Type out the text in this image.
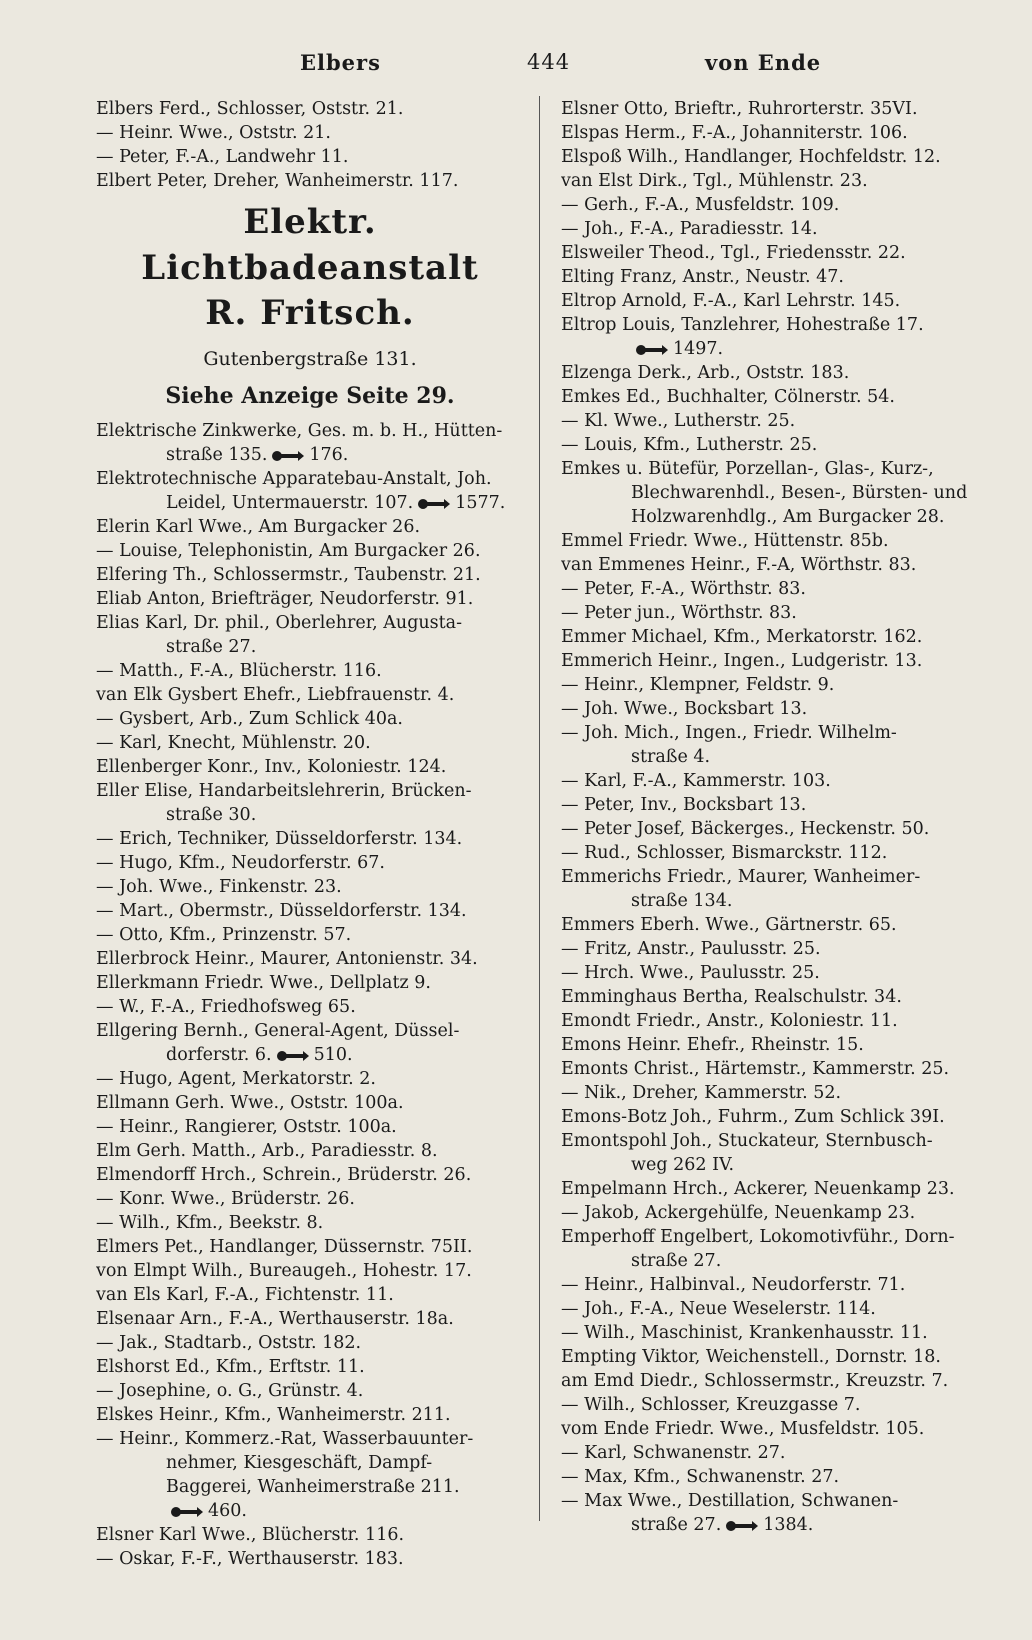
Elbers	444	von Ende
Elbers Ferd., Schlosser, Oststr. 21.
— Heinr. Wwe., Oststr. 21.
— Peter, F.-A., Landwehr 11.
Elbert Peter, Dreher, Wanheimerstr. 117.
Elektr. Lichtbadeanstalt
R. Fritsch.
Gutenbergstraße 131.
Siehe Anzeige Seite 29.
Elektrische Zinkwerke, Ges. m. b. H., Hütten-
straße 135. 176.
Elektrotechnische Apparatebau-Anstalt, Joh.
Leidel, Untermauerstr. 107. 1577.
Elerin Karl Wwe., Am Burgacker 26.
— Louise, Telephonistin, Am Burgacker 26.
Elfering Th., Schlossermstr., Taubenstr. 21.
Eliab Anton, Briefträger, Neudorferstr. 91.
Elias Karl, Dr. phil., Oberlehrer, Augusta-
straße 27.
— Matth., F.-A., Blücherstr. 116.
van Elk Gysbert Ehefr., Liebfrauenstr. 4.
— Gysbert, Arb., Zum Schlick 40a.
— Karl, Knecht, Mühlenstr. 20.
Ellenberger Konr., Inv., Koloniestr. 124.
Eller Elise, Handarbeitslehrerin, Brücken-
straße 30.
— Erich, Techniker, Düsseldorferstr. 134.
— Hugo, Kfm., Neudorferstr. 67.
— Joh. Wwe., Finkenstr. 23.
— Mart., Obermstr., Düsseldorferstr. 134.
— Otto, Kfm., Prinzenstr. 57.
Ellerbrock Heinr., Maurer, Antonienstr. 34.
Ellerkmann Friedr. Wwe., Dellplatz 9.
— W., F.-A., Friedhofsweg 65.
Ellgering Bernh., General-Agent, Düssel-
dorferstr. 6. 510.
— Hugo, Agent, Merkatorstr. 2.
Ellmann Gerh. Wwe., Oststr. 100a.
— Heinr., Rangierer, Oststr. 100a.
Elm Gerh. Matth., Arb., Paradiesstr. 8.
Elmendorff Hrch., Schrein., Brüderstr. 26.
— Konr. Wwe., Brüderstr. 26.
— Wilh., Kfm., Beekstr. 8.
Elmers Pet., Handlanger, Düssernstr. 75II.
von Elmpt Wilh., Bureaugeh., Hohestr. 17.
van Els Karl, F.-A., Fichtenstr. 11.
Elsenaar Arn., F.-A., Werthauserstr. 18a.
— Jak., Stadtarb., Oststr. 182.
Elshorst Ed., Kfm., Erftstr. 11.
— Josephine, o. G., Grünstr. 4.
Elskes Heinr., Kfm., Wanheimerstr. 211.
— Heinr., Kommerz.-Rat, Wasserbauunter-
nehmer, Kiesgeschäft, Dampf-
Baggerei, Wanheimerstraße 211.
460.
Elsner Karl Wwe., Blücherstr. 116.
— Oskar, F.-F., Werthauserstr. 183.
Elsner Otto, Brieftr., Ruhrorterstr. 35VI.
Elspas Herm., F.-A., Johanniterstr. 106.
Elspoß Wilh., Handlanger, Hochfeldstr. 12.
van Elst Dirk., Tgl., Mühlenstr. 23.
— Gerh., F.-A., Musfeldstr. 109.
— Joh., F.-A., Paradiesstr. 14.
Elsweiler Theod., Tgl., Friedensstr. 22.
Elting Franz, Anstr., Neustr. 47.
Eltrop Arnold, F.-A., Karl Lehrstr. 145.
Eltrop Louis, Tanzlehrer, Hohestraße 17.
1497.
Elzenga Derk., Arb., Oststr. 183.
Emkes Ed., Buchhalter, Cölnerstr. 54.
— Kl. Wwe., Lutherstr. 25.
— Louis, Kfm., Lutherstr. 25.
Emkes u. Bütefür, Porzellan-, Glas-, Kurz-,
Blechwarenhdl., Besen-, Bürsten- und
Holzwarenhdlg., Am Burgacker 28.
Emmel Friedr. Wwe., Hüttenstr. 85b.
van Emmenes Heinr., F.-A, Wörthstr. 83.
— Peter, F.-A., Wörthstr. 83.
— Peter jun., Wörthstr. 83.
Emmer Michael, Kfm., Merkatorstr. 162.
Emmerich Heinr., Ingen., Ludgeristr. 13.
— Heinr., Klempner, Feldstr. 9.
— Joh. Wwe., Bocksbart 13.
— Joh. Mich., Ingen., Friedr. Wilhelm-
straße 4.
— Karl, F.-A., Kammerstr. 103.
— Peter, Inv., Bocksbart 13.
— Peter Josef, Bäckerges., Heckenstr. 50.
— Rud., Schlosser, Bismarckstr. 112.
Emmerichs Friedr., Maurer, Wanheimer-
straße 134.
Emmers Eberh. Wwe., Gärtnerstr. 65.
— Fritz, Anstr., Paulusstr. 25.
— Hrch. Wwe., Paulusstr. 25.
Emminghaus Bertha, Realschulstr. 34.
Emondt Friedr., Anstr., Koloniestr. 11.
Emons Heinr. Ehefr., Rheinstr. 15.
Emonts Christ., Härtemstr., Kammerstr. 25.
— Nik., Dreher, Kammerstr. 52.
Emons-Botz Joh., Fuhrm., Zum Schlick 39I.
Emontspohl Joh., Stuckateur, Sternbusch-
weg 262 IV.
Empelmann Hrch., Ackerer, Neuenkamp 23.
— Jakob, Ackergehülfe, Neuenkamp 23.
Emperhoff Engelbert, Lokomotivführ., Dorn-
straße 27.
— Heinr., Halbinval., Neudorferstr. 71.
— Joh., F.-A., Neue Weselerstr. 114.
— Wilh., Maschinist, Krankenhausstr. 11.
Empting Viktor, Weichenstell., Dornstr. 18.
am Emd Diedr., Schlossermstr., Kreuzstr. 7.
— Wilh., Schlosser, Kreuzgasse 7.
vom Ende Friedr. Wwe., Musfeldstr. 105.
— Karl, Schwanenstr. 27.
— Max, Kfm., Schwanenstr. 27.
— Max Wwe., Destillation, Schwanen-
straße 27. 1384.
